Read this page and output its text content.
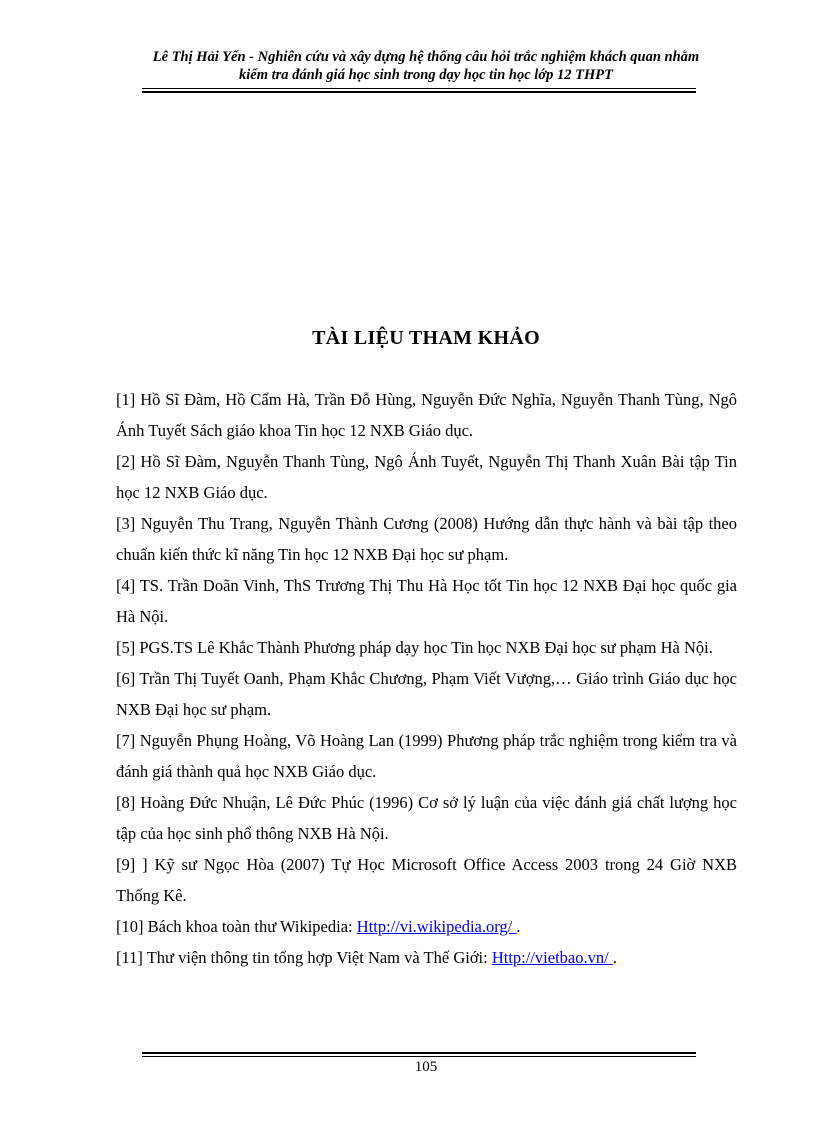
Lê Thị Hải Yến - Nghiên cứu và xây dựng hệ thống câu hỏi trắc nghiệm khách quan nhằm
kiểm tra đánh giá học sinh trong dạy học tin học lớp 12 THPT
TÀI LIỆU THAM KHẢO

[1] Hồ Sĩ Đàm, Hồ Cẩm Hà, Trần Đỗ Hùng, Nguyễn Đức Nghĩa, Nguyễn Thanh Tùng, Ngô Ánh Tuyết Sách giáo khoa Tin học 12 NXB Giáo dục.

[2] Hồ Sĩ Đàm, Nguyễn Thanh Tùng, Ngô Ánh Tuyết, Nguyễn Thị Thanh Xuân Bài tập Tin học 12 NXB Giáo dục.

[3] Nguyễn Thu Trang, Nguyễn Thành Cương (2008) Hướng dẫn thực hành và bài tập theo chuẩn kiến thức kĩ năng Tin học 12 NXB Đại học sư phạm.

[4] TS. Trần Doãn Vinh, ThS Trương Thị Thu Hà Học tốt Tin học 12 NXB Đại học quốc gia Hà Nội.

[5] PGS.TS Lê Khắc Thành Phương pháp dạy học Tin học NXB Đại học sư phạm Hà Nội.

[6] Trần Thị Tuyết Oanh, Phạm Khắc Chương, Phạm Viết Vượng,… Giáo trình Giáo dục học NXB Đại học sư phạm.

[7] Nguyễn Phụng Hoàng, Võ Hoàng Lan (1999) Phương pháp trắc nghiệm trong kiểm tra và đánh giá thành quả học NXB Giáo dục.

[8] Hoàng Đức Nhuận, Lê Đức Phúc (1996) Cơ sở lý luận của việc đánh giá chất lượng học tập của học sinh phổ thông NXB Hà Nội.

[9] ] Kỹ sư Ngọc Hòa (2007) Tự Học Microsoft Office Access 2003 trong 24 Giờ NXB Thống Kê.

[10] Bách khoa toàn thư Wikipedia: Http://vi.wikipedia.org/ .

[11] Thư viện thông tin tổng hợp Việt Nam và Thế Giới: Http://vietbao.vn/ .

105
